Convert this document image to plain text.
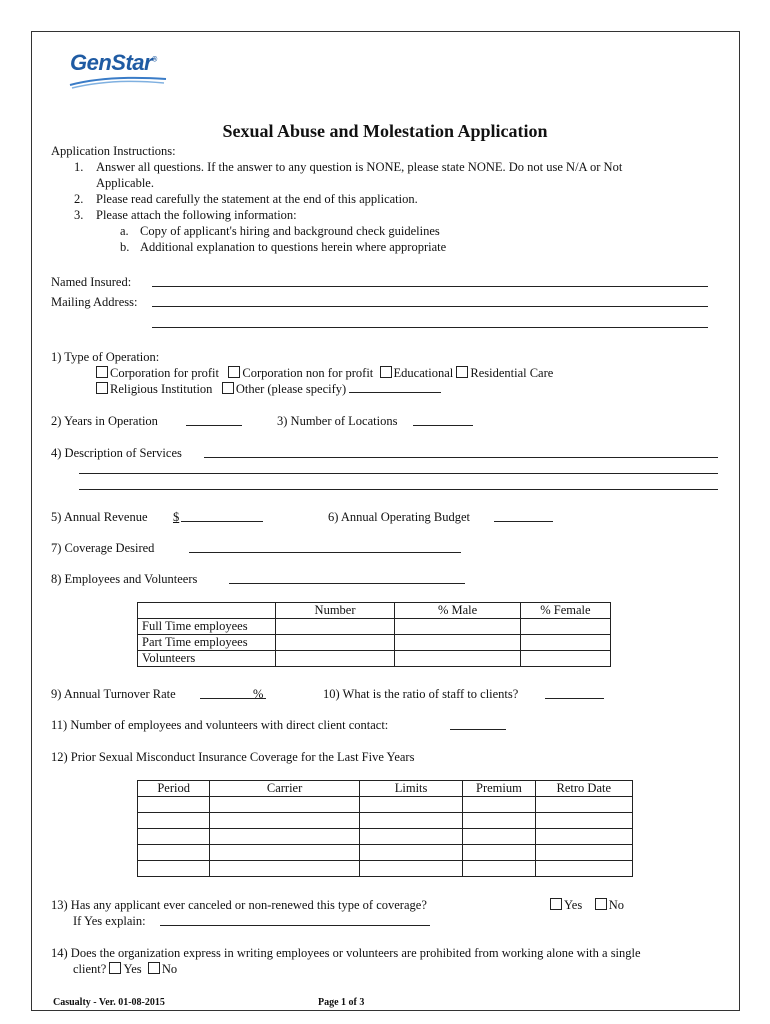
GenStar®
Sexual Abuse and Molestation Application
Application Instructions:
1. Answer all questions. If the answer to any question is NONE, please state NONE. Do not use N/A or Not
Applicable.
2. Please read carefully the statement at the end of this application.
3. Please attach the following information:
a. Copy of applicant's hiring and background check guidelines
b. Additional explanation to questions herein where appropriate
Named Insured:
Mailing Address:
1) Type of Operation:
Corporation for profit Corporation non for profit Educational Residential Care
Religious Institution Other (please specify)
2) Years in Operation	3) Number of Locations
4) Description of Services
5) Annual Revenue $	6) Annual Operating Budget
7) Coverage Desired
8) Employees and Volunteers
	Number	% Male	% Female
Full Time employees			
Part Time employees			
Volunteers			
9) Annual Turnover Rate	%	10) What is the ratio of staff to clients?
11) Number of employees and volunteers with direct client contact:
12) Prior Sexual Misconduct Insurance Coverage for the Last Five Years
Period	Carrier	Limits	Premium	Retro Date

13) Has any applicant ever canceled or non-renewed this type of coverage?	Yes No
If Yes explain:
14) Does the organization express in writing employees or volunteers are prohibited from working alone with a single
client? Yes No
Casualty - Ver. 01-08-2015	Page 1 of 3
